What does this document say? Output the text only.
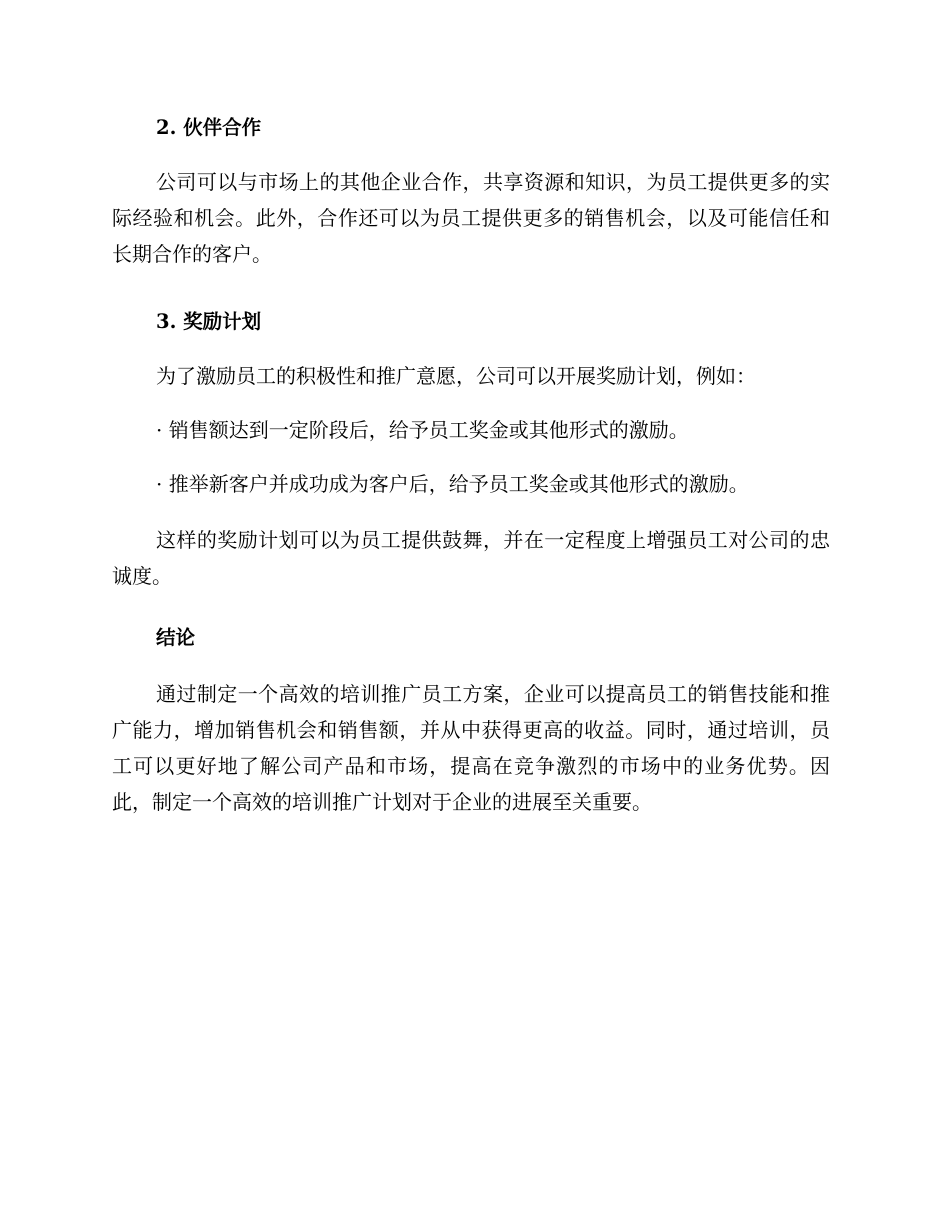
2. 伙伴合作

公司可以与市场上的其他企业合作，共享资源和知识，为员工提供更多的实际经验和机会。此外，合作还可以为员工提供更多的销售机会，以及可能信任和长期合作的客户。

3. 奖励计划

为了激励员工的积极性和推广意愿，公司可以开展奖励计划，例如：

· 销售额达到一定阶段后，给予员工奖金或其他形式的激励。
· 推举新客户并成功成为客户后，给予员工奖金或其他形式的激励。

这样的奖励计划可以为员工提供鼓舞，并在一定程度上增强员工对公司的忠诚度。

结论

通过制定一个高效的培训推广员工方案，企业可以提高员工的销售技能和推广能力，增加销售机会和销售额，并从中获得更高的收益。同时，通过培训，员工可以更好地了解公司产品和市场，提高在竞争激烈的市场中的业务优势。因此，制定一个高效的培训推广计划对于企业的进展至关重要。
